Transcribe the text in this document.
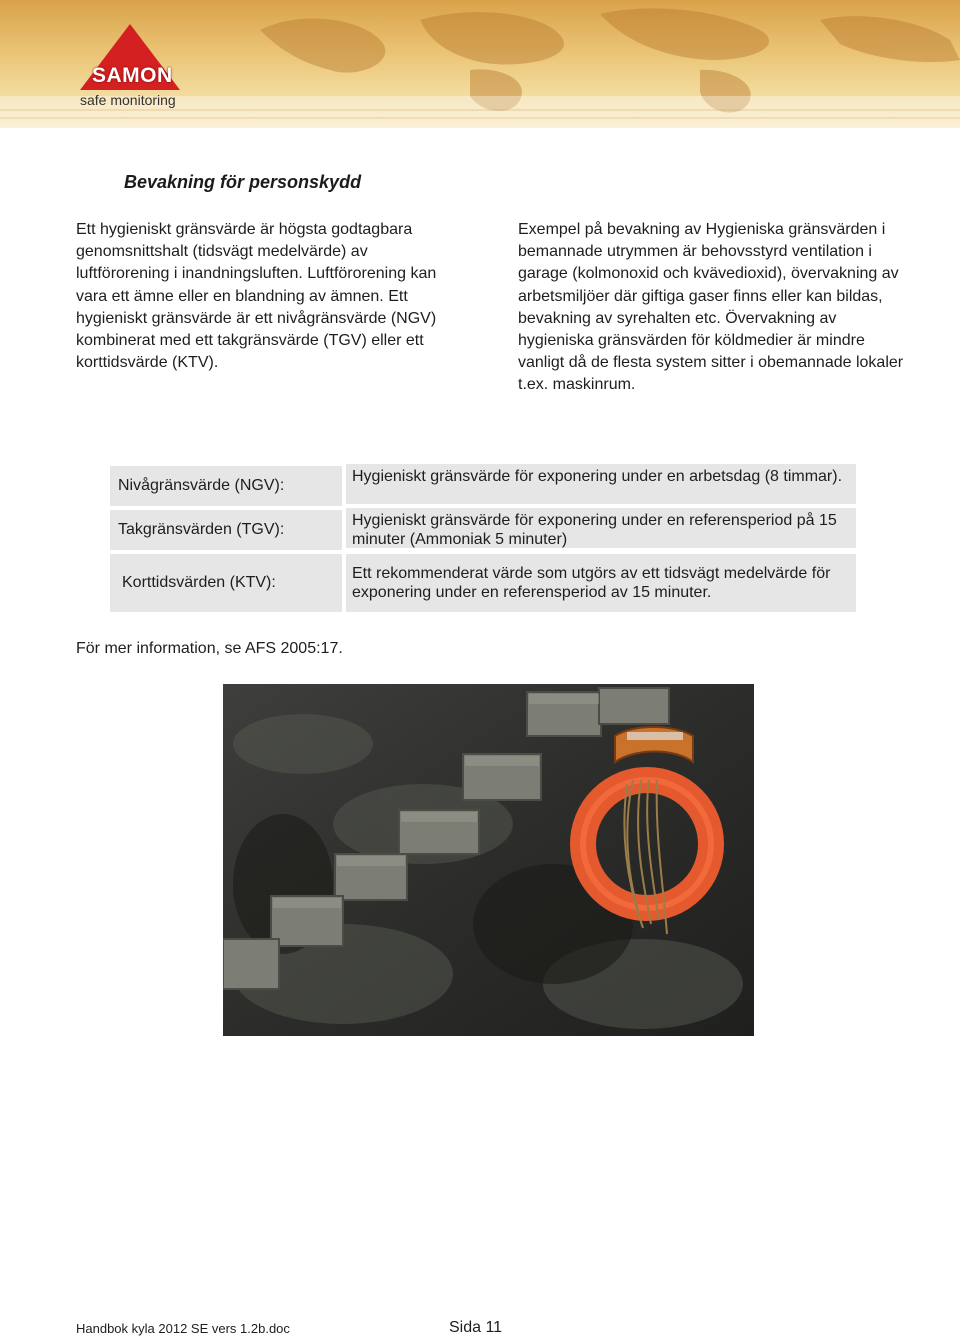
SAMON
safe monitoring
Bevakning för personskydd
Ett hygieniskt gränsvärde är högsta godtagbara genomsnittshalt (tidsvägt medelvärde) av luftförorening i inandningsluften. Luftförorening kan vara ett ämne eller en blandning av ämnen. Ett hygieniskt gränsvärde är ett nivågränsvärde (NGV) kombinerat med ett takgränsvärde (TGV) eller ett korttidsvärde (KTV).
Exempel på bevakning av Hygieniska gränsvärden i bemannade utrymmen är behovsstyrd ventilation i garage (kolmonoxid och kvävedioxid), övervakning av arbetsmiljöer där giftiga gaser finns eller kan bildas, bevakning av syrehalten etc. Övervakning av hygieniska gränsvärden för köldmedier är mindre vanligt då de flesta system sitter i obemannade lokaler t.ex. maskinrum.
Nivågränsvärde (NGV):
Hygieniskt gränsvärde för exponering under en arbetsdag (8 timmar).
Takgränsvärden (TGV):
Hygieniskt gränsvärde för exponering under en referensperiod på 15 minuter (Ammoniak 5 minuter)
Korttidsvärden (KTV):
Ett rekommenderat värde som utgörs av ett tidsvägt medelvärde för exponering under en referensperiod av 15 minuter.
För mer information, se AFS 2005:17.
Handbok kyla 2012 SE vers 1.2b.doc	Sida 11
